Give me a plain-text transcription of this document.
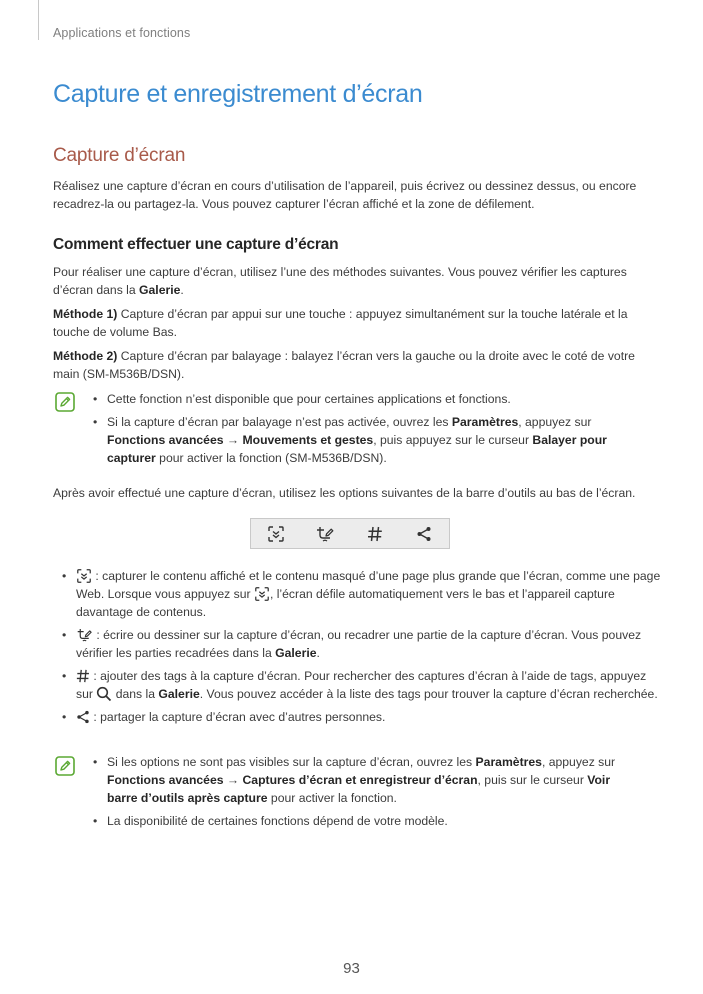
Applications et fonctions
Capture et enregistrement d’écran
Capture d’écran

Réalisez une capture d’écran en cours d’utilisation de l’appareil, puis écrivez ou dessinez dessus, ou encore recadrez-la ou partagez-la. Vous pouvez capturer l’écran affiché et la zone de défilement.

Comment effectuer une capture d’écran

Pour réaliser une capture d’écran, utilisez l’une des méthodes suivantes. Vous pouvez vérifier les captures d’écran dans la Galerie.

Méthode 1) Capture d’écran par appui sur une touche : appuyez simultanément sur la touche latérale et la touche de volume Bas.

Méthode 2) Capture d’écran par balayage : balayez l’écran vers la gauche ou la droite avec le coté de votre main (SM-M536B/DSN).

• Cette fonction n’est disponible que pour certaines applications et fonctions.
• Si la capture d’écran par balayage n’est pas activée, ouvrez les Paramètres, appuyez sur Fonctions avancées → Mouvements et gestes, puis appuyez sur le curseur Balayer pour capturer pour activer la fonction (SM-M536B/DSN).

Après avoir effectué une capture d’écran, utilisez les options suivantes de la barre d’outils au bas de l’écran.

• : capturer le contenu affiché et le contenu masqué d’une page plus grande que l’écran, comme une page Web. Lorsque vous appuyez sur , l’écran défile automatiquement vers le bas et l’appareil capture davantage de contenus.
• : écrire ou dessiner sur la capture d’écran, ou recadrer une partie de la capture d’écran. Vous pouvez vérifier les parties recadrées dans la Galerie.
• : ajouter des tags à la capture d’écran. Pour rechercher des captures d’écran à l’aide de tags, appuyez sur  dans la Galerie. Vous pouvez accéder à la liste des tags pour trouver la capture d’écran recherchée.
• : partager la capture d’écran avec d’autres personnes.
• Si les options ne sont pas visibles sur la capture d’écran, ouvrez les Paramètres, appuyez sur Fonctions avancées → Captures d’écran et enregistreur d’écran, puis sur le curseur Voir barre d’outils après capture pour activer la fonction.
• La disponibilité de certaines fonctions dépend de votre modèle.
93
